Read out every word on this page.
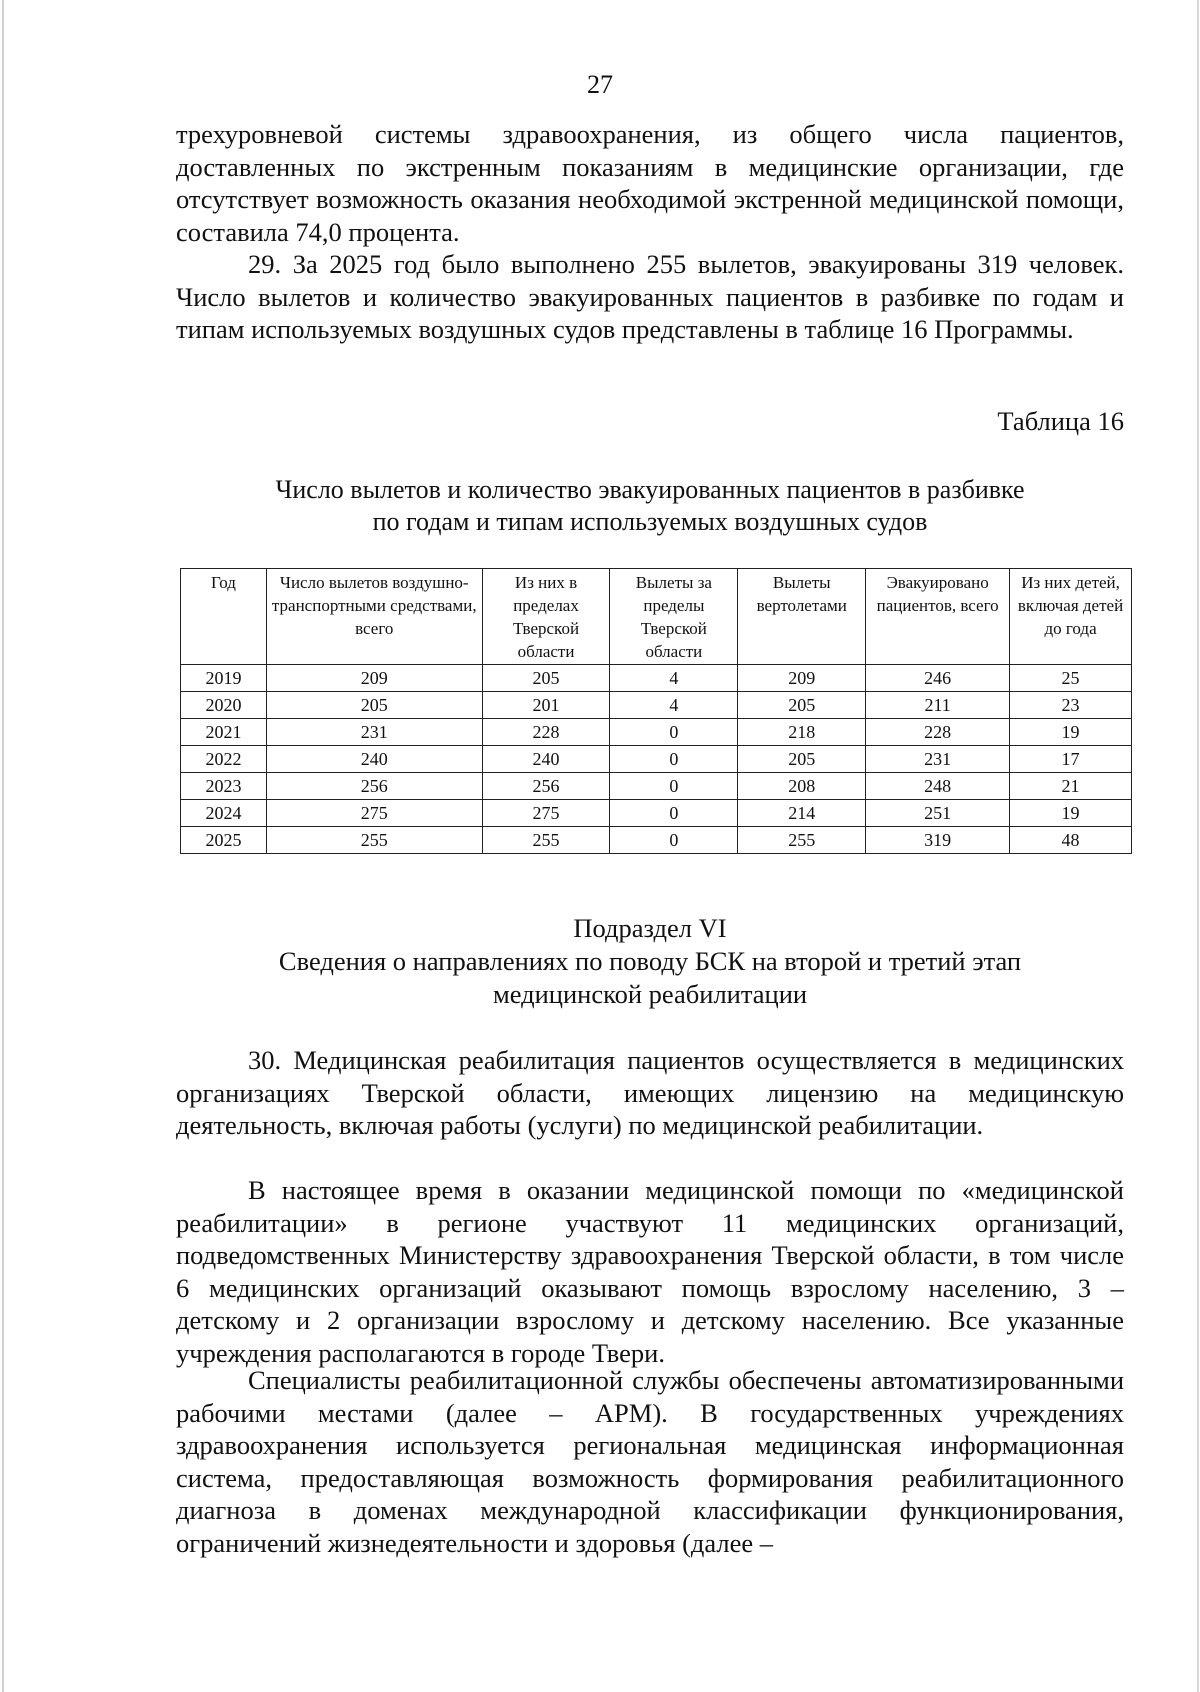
27

трехуровневой системы здравоохранения, из общего числа пациентов, доставленных по экстренным показаниям в медицинские организации, где отсутствует возможность оказания необходимой экстренной медицинской помощи, составила 74,0 процента.

29. За 2025 год было выполнено 255 вылетов, эвакуированы 319 человек. Число вылетов и количество эвакуированных пациентов в разбивке по годам и типам используемых воздушных судов представлены в таблице 16 Программы.

Таблица 16
Число вылетов и количество эвакуированных пациентов в разбивке
по годам и типам используемых воздушных судов
Год	Число вылетов воздушно-транспортными средствами, всего	Из них в пределах Тверской области	Вылеты за пределы Тверской области	Вылеты вертолетами	Эвакуировано пациентов, всего	Из них детей, включая детей до года
2019	209	205	4	209	246	25
2020	205	201	4	205	211	23
2021	231	228	0	218	228	19
2022	240	240	0	205	231	17
2023	256	256	0	208	248	21
2024	275	275	0	214	251	19
2025	255	255	0	255	319	48
Подраздел VI
Сведения о направлениях по поводу БСК на второй и третий этап
медицинской реабилитации

30. Медицинская реабилитация пациентов осуществляется в медицинских организациях Тверской области, имеющих лицензию на медицинскую деятельность, включая работы (услуги) по медицинской реабилитации.

В настоящее время в оказании медицинской помощи по «медицинской реабилитации» в регионе участвуют 11 медицинских организаций, подведомственных Министерству здравоохранения Тверской области, в том числе 6 медицинских организаций оказывают помощь взрослому населению, 3 – детскому и 2 организации взрослому и детскому населению. Все указанные учреждения располагаются в городе Твери.

Специалисты реабилитационной службы обеспечены автоматизированными рабочими местами (далее – АРМ). В государственных учреждениях здравоохранения используется региональная медицинская информационная система, предоставляющая возможность формирования реабилитационного диагноза в доменах международной классификации функционирования, ограничений жизнедеятельности и здоровья (далее –
